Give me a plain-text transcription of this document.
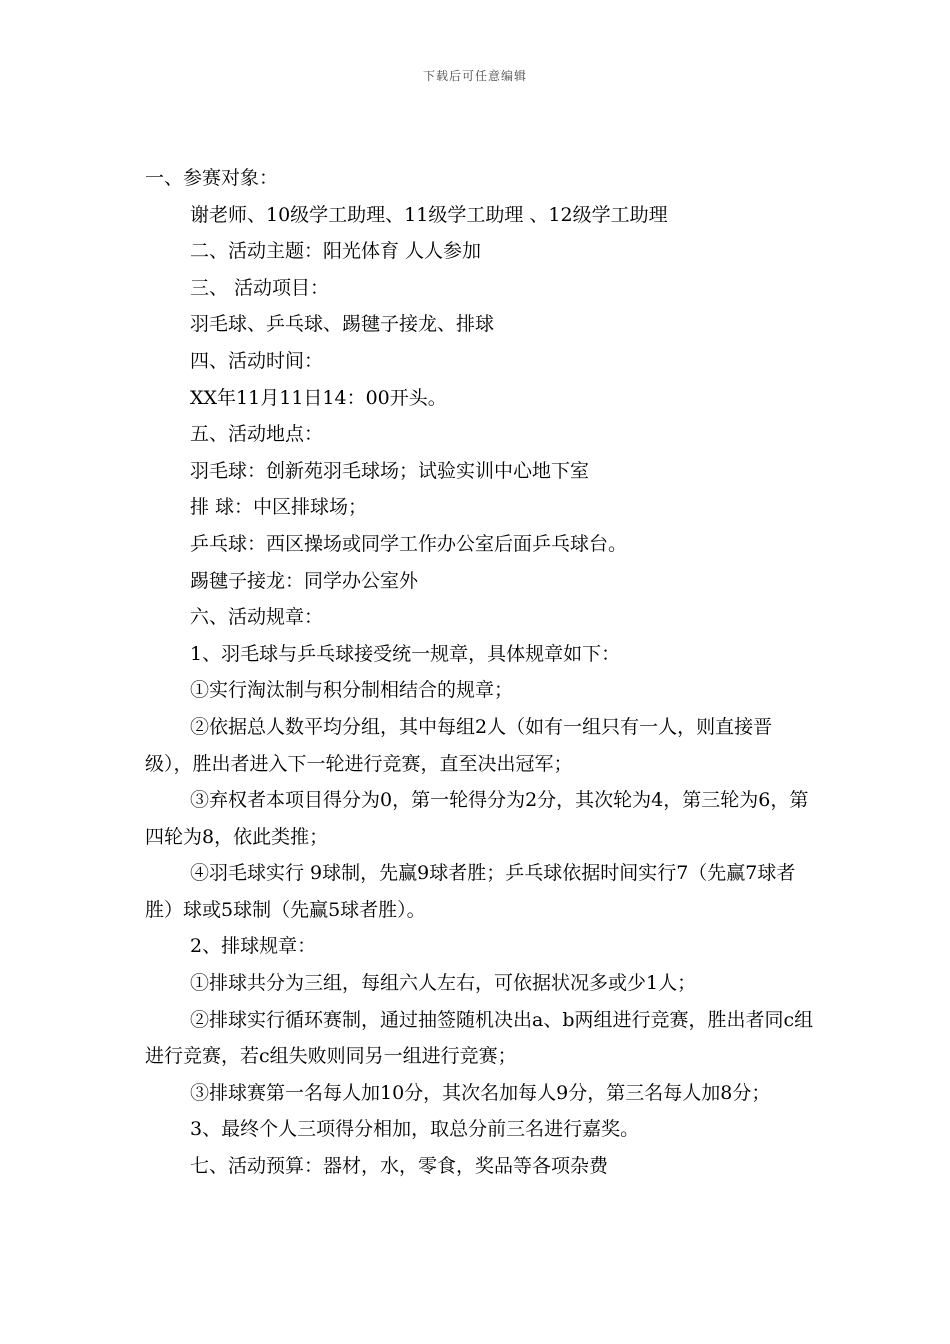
下载后可任意编辑

一、参赛对象：

谢老师、10级学工助理、11级学工助理 、12级学工助理

二、活动主题：阳光体育 人人参加

三、 活动项目：

羽毛球、乒乓球、踢毽子接龙、排球

四、活动时间：

XX年11月11日14：00开头。

五、活动地点：

羽毛球：创新苑羽毛球场；试验实训中心地下室

排 球：中区排球场；

乒乓球：西区操场或同学工作办公室后面乒乓球台。

踢毽子接龙：同学办公室外

六、活动规章：

1、羽毛球与乒乓球接受统一规章，具体规章如下：

①实行淘汰制与积分制相结合的规章；

②依据总人数平均分组，其中每组2人（如有一组只有一人，则直接晋级），胜出者进入下一轮进行竞赛，直至决出冠军；

③弃权者本项目得分为0，第一轮得分为2分，其次轮为4，第三轮为6，第四轮为8，依此类推；

④羽毛球实行 9球制，先赢9球者胜；乒乓球依据时间实行7（先赢7球者胜）球或5球制（先赢5球者胜）。

2、排球规章：

①排球共分为三组，每组六人左右，可依据状况多或少1人；

②排球实行循环赛制，通过抽签随机决出a、b两组进行竞赛，胜出者同c组进行竞赛，若c组失败则同另一组进行竞赛；

③排球赛第一名每人加10分，其次名加每人9分，第三名每人加8分；

3、最终个人三项得分相加，取总分前三名进行嘉奖。

七、活动预算：器材，水，零食，奖品等各项杂费
